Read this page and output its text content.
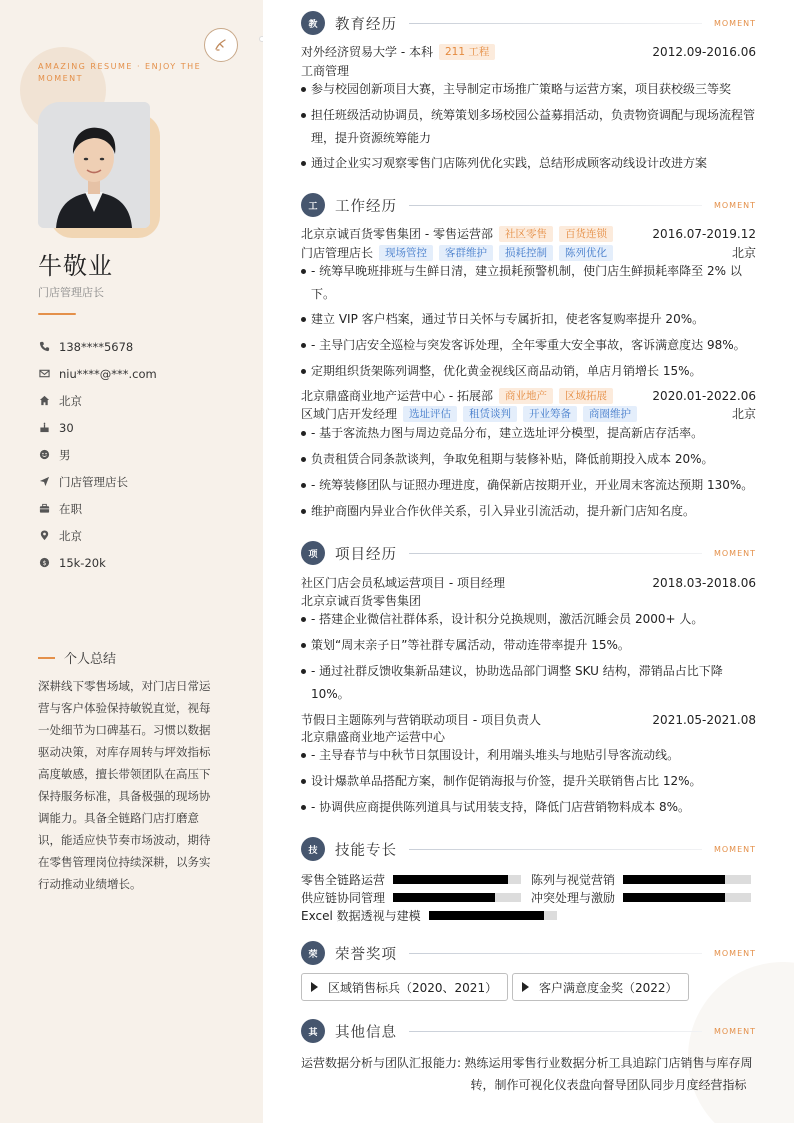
AMAZING RESUME · ENJOY THE MOMENT
牛敬业
门店管理店长
138****5678
niu****@***.com
北京
30
男
门店管理店长
在职
北京
$ 15k-20k
个人总结
深耕线下零售场域，对门店日常运营与客户体验保持敏锐直觉，视每一处细节为口碑基石。习惯以数据驱动决策，对库存周转与坪效指标高度敏感，擅长带领团队在高压下保持服务标准，具备极强的现场协调能力。具备全链路门店打磨意识，能适应快节奏市场波动，期待在零售管理岗位持续深耕，以务实行动推动业绩增长。
教	教育经历	MOMENT
对外经济贸易大学 - 本科	211 工程	2012.09-2016.06
工商管理
参与校园创新项目大赛，主导制定市场推广策略与运营方案，项目获校级三等奖
担任班级活动协调员，统筹策划多场校园公益募捐活动，负责物资调配与现场流程管理，提升资源统筹能力
通过企业实习观察零售门店陈列优化实践，总结形成顾客动线设计改进方案
工	工作经历	MOMENT
北京京诚百货零售集团 - 零售运营部	社区零售	百货连锁	2016.07-2019.12
门店管理店长	现场管控	客群维护	损耗控制	陈列优化	北京
- 统筹早晚班排班与生鲜日清，建立损耗预警机制，使门店生鲜损耗率降至 2% 以下。
建立 VIP 客户档案，通过节日关怀与专属折扣，使老客复购率提升 20%。
- 主导门店安全巡检与突发客诉处理，全年零重大安全事故，客诉满意度达 98%。
定期组织货架陈列调整，优化黄金视线区商品动销，单店月销增长 15%。
北京鼎盛商业地产运营中心 - 拓展部	商业地产	区域拓展	2020.01-2022.06
区域门店开发经理	选址评估	租赁谈判	开业筹备	商圈维护	北京
- 基于客流热力图与周边竞品分布，建立选址评分模型，提高新店存活率。
负责租赁合同条款谈判，争取免租期与装修补贴，降低前期投入成本 20%。
- 统筹装修团队与证照办理进度，确保新店按期开业，开业周末客流达预期 130%。
维护商圈内异业合作伙伴关系，引入异业引流活动，提升新门店知名度。
项	项目经历	MOMENT
社区门店会员私域运营项目 - 项目经理	2018.03-2018.06
北京京诚百货零售集团
- 搭建企业微信社群体系，设计积分兑换规则，激活沉睡会员 2000+ 人。
策划“周末亲子日”等社群专属活动，带动连带率提升 15%。
- 通过社群反馈收集新品建议，协助选品部门调整 SKU 结构，滞销品占比下降 10%。
节假日主题陈列与营销联动项目 - 项目负责人	2021.05-2021.08
北京鼎盛商业地产运营中心
- 主导春节与中秋节日氛围设计，利用端头堆头与地贴引导客流动线。
设计爆款单品搭配方案，制作促销海报与价签，提升关联销售占比 12%。
- 协调供应商提供陈列道具与试用装支持，降低门店营销物料成本 8%。
技	技能专长	MOMENT
零售全链路运营	陈列与视觉营销
供应链协同管理	冲突处理与激励
Excel 数据透视与建模
荣	荣誉奖项	MOMENT
区域销售标兵（2020、2021）	客户满意度金奖（2022）
其	其他信息	MOMENT
运营数据分析与团队汇报能力: 熟练运用零售行业数据分析工具追踪门店销售与库存周转，制作可视化仪表盘向督导团队同步月度经营指标
